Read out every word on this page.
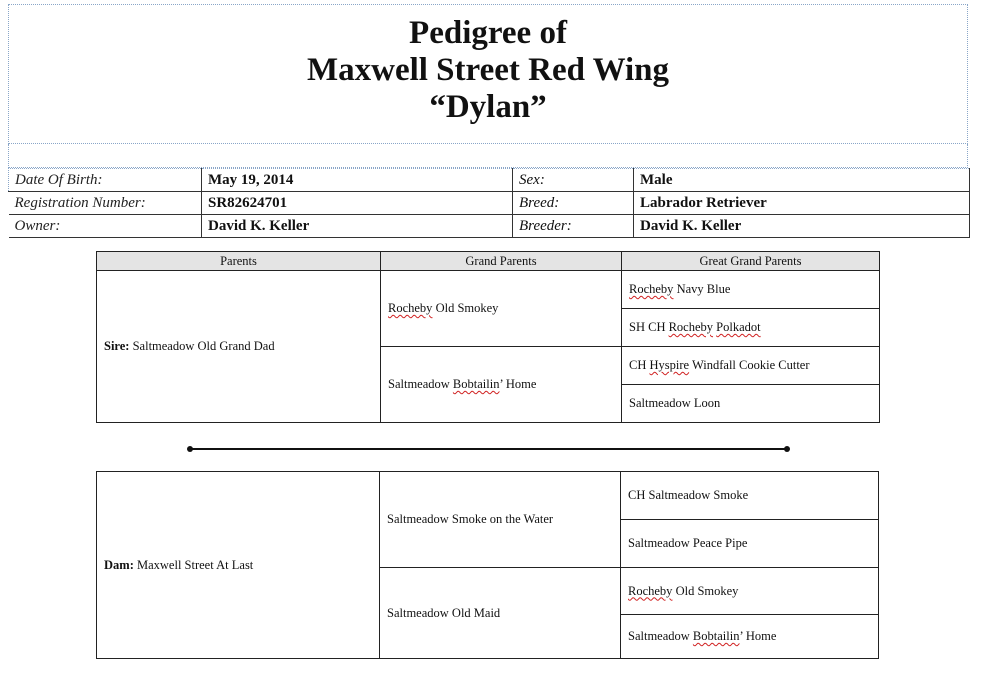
Pedigree of

Maxwell Street Red Wing

“Dylan”

Date Of Birth:	May 19, 2014	Sex:	Male
Registration Number:	SR82624701	Breed:	Labrador Retriever
Owner:	David K. Keller	Breeder:	David K. Keller
Parents	Grand Parents	Great Grand Parents
Sire: Saltmeadow Old Grand Dad	Rocheby Old Smokey	Rocheby Navy Blue
		SH CH Rocheby Polkadot
	Saltmeadow Bobtailin’ Home	CH Hyspire Windfall Cookie Cutter
		Saltmeadow Loon
Dam: Maxwell Street At Last	Saltmeadow Smoke on the Water	CH Saltmeadow Smoke
		Saltmeadow Peace Pipe
	Saltmeadow Old Maid	Rocheby Old Smokey
		Saltmeadow Bobtailin’ Home
